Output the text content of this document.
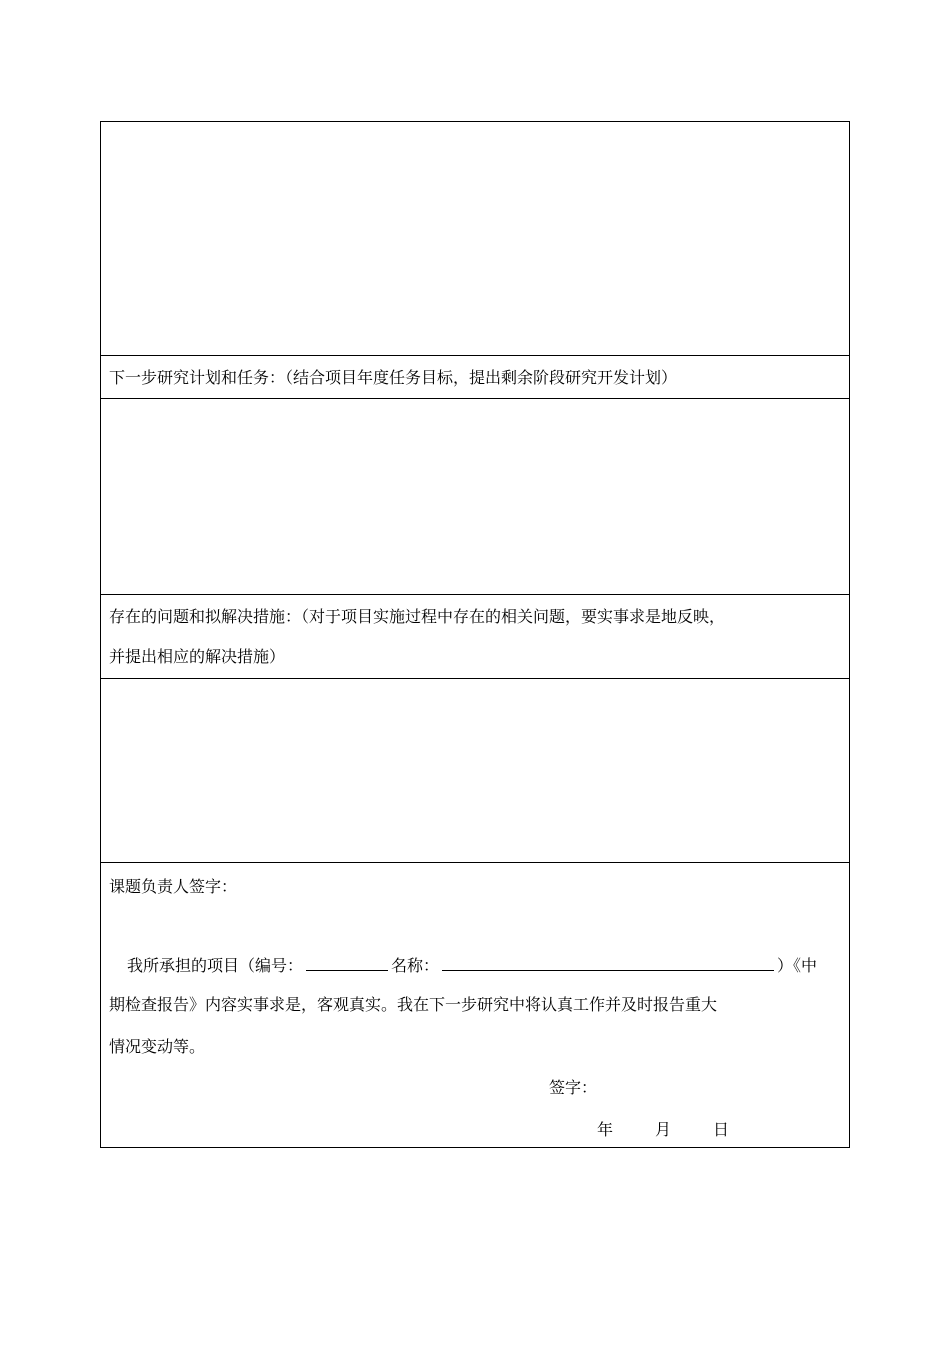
下一步研究计划和任务：（结合项目年度任务目标，提出剩余阶段研究开发计划）
存在的问题和拟解决措施：（对于项目实施过程中存在的相关问题，要实事求是地反映，
并提出相应的解决措施）
课题负责人签字：
我所承担的项目（编号：	名称：	）《中
期检查报告》内容实事求是，客观真实。我在下一步研究中将认真工作并及时报告重大
情况变动等。
签字：
年	月	日
